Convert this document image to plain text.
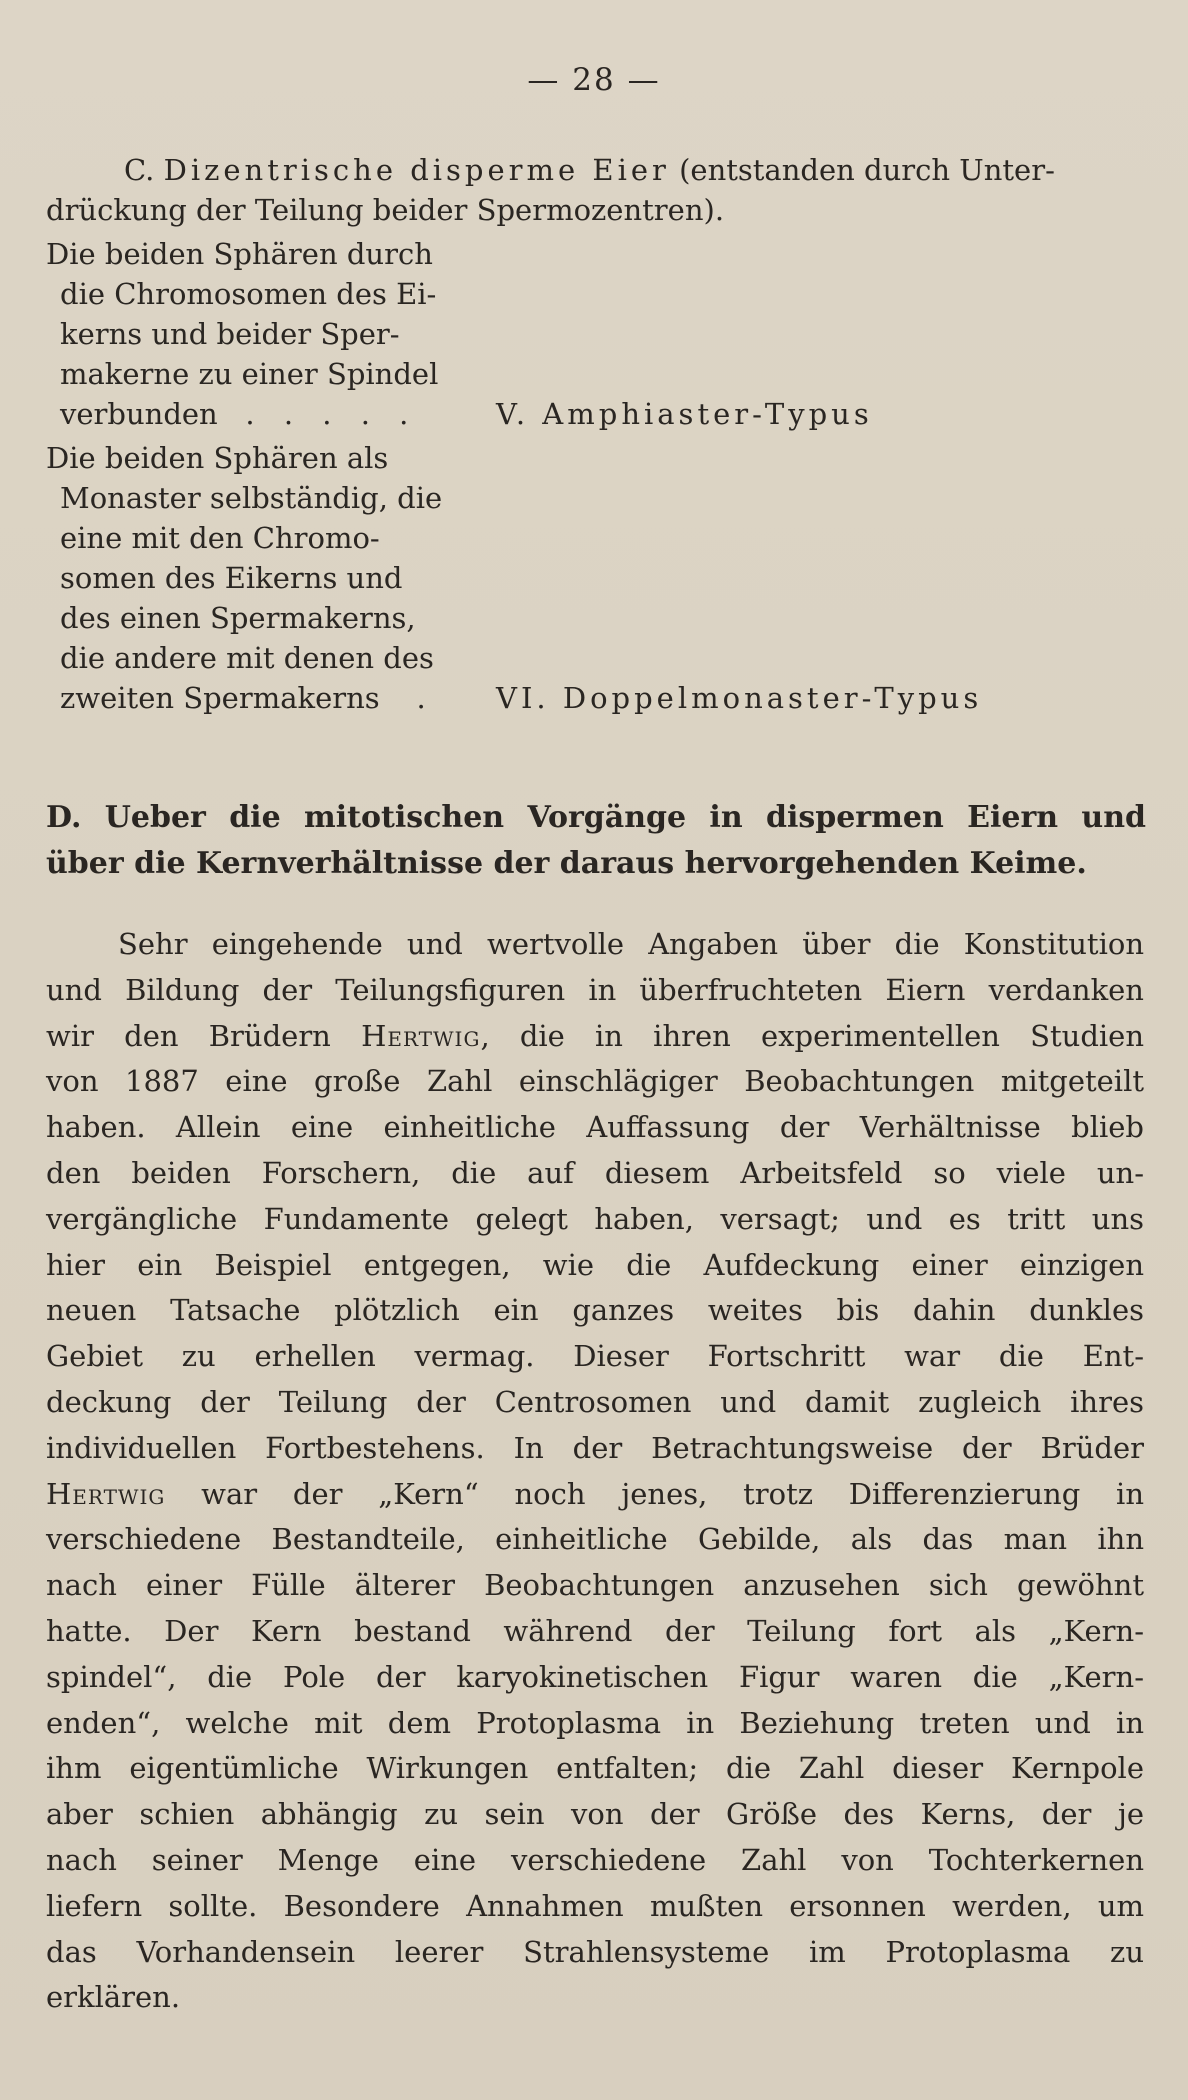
— 28 —

C. Dizentrische disperme Eier (entstanden durch Unter-
drückung der Teilung beider Spermozentren).

Die beiden Sphären durch
die Chromosomen des Ei-
kerns und beider Sper-
makerne zu einer Spindel
verbunden . . . . .	V. Amphiaster-Typus
Die beiden Sphären als
Monaster selbständig, die
eine mit den Chromo-
somen des Eikerns und
des einen Spermakerns,
die andere mit denen des
zweiten Spermakerns .	VI. Doppelmonaster-Typus
D. Ueber die mitotischen Vorgänge in dispermen Eiern und
über die Kernverhältnisse der daraus hervorgehenden Keime.

Sehr eingehende und wertvolle Angaben über die Konstitution
und Bildung der Teilungsfiguren in überfruchteten Eiern verdanken
wir den Brüdern Hertwig, die in ihren experimentellen Studien
von 1887 eine große Zahl einschlägiger Beobachtungen mitgeteilt
haben. Allein eine einheitliche Auffassung der Verhältnisse blieb
den beiden Forschern, die auf diesem Arbeitsfeld so viele un-
vergängliche Fundamente gelegt haben, versagt; und es tritt uns
hier ein Beispiel entgegen, wie die Aufdeckung einer einzigen
neuen Tatsache plötzlich ein ganzes weites bis dahin dunkles
Gebiet zu erhellen vermag. Dieser Fortschritt war die Ent-
deckung der Teilung der Centrosomen und damit zugleich ihres
individuellen Fortbestehens. In der Betrachtungsweise der Brüder
Hertwig war der „Kern“ noch jenes, trotz Differenzierung in
verschiedene Bestandteile, einheitliche Gebilde, als das man ihn
nach einer Fülle älterer Beobachtungen anzusehen sich gewöhnt
hatte. Der Kern bestand während der Teilung fort als „Kern-
spindel“, die Pole der karyokinetischen Figur waren die „Kern-
enden“, welche mit dem Protoplasma in Beziehung treten und in
ihm eigentümliche Wirkungen entfalten; die Zahl dieser Kernpole
aber schien abhängig zu sein von der Größe des Kerns, der je
nach seiner Menge eine verschiedene Zahl von Tochterkernen
liefern sollte. Besondere Annahmen mußten ersonnen werden, um
das Vorhandensein leerer Strahlensysteme im Protoplasma zu
erklären.
